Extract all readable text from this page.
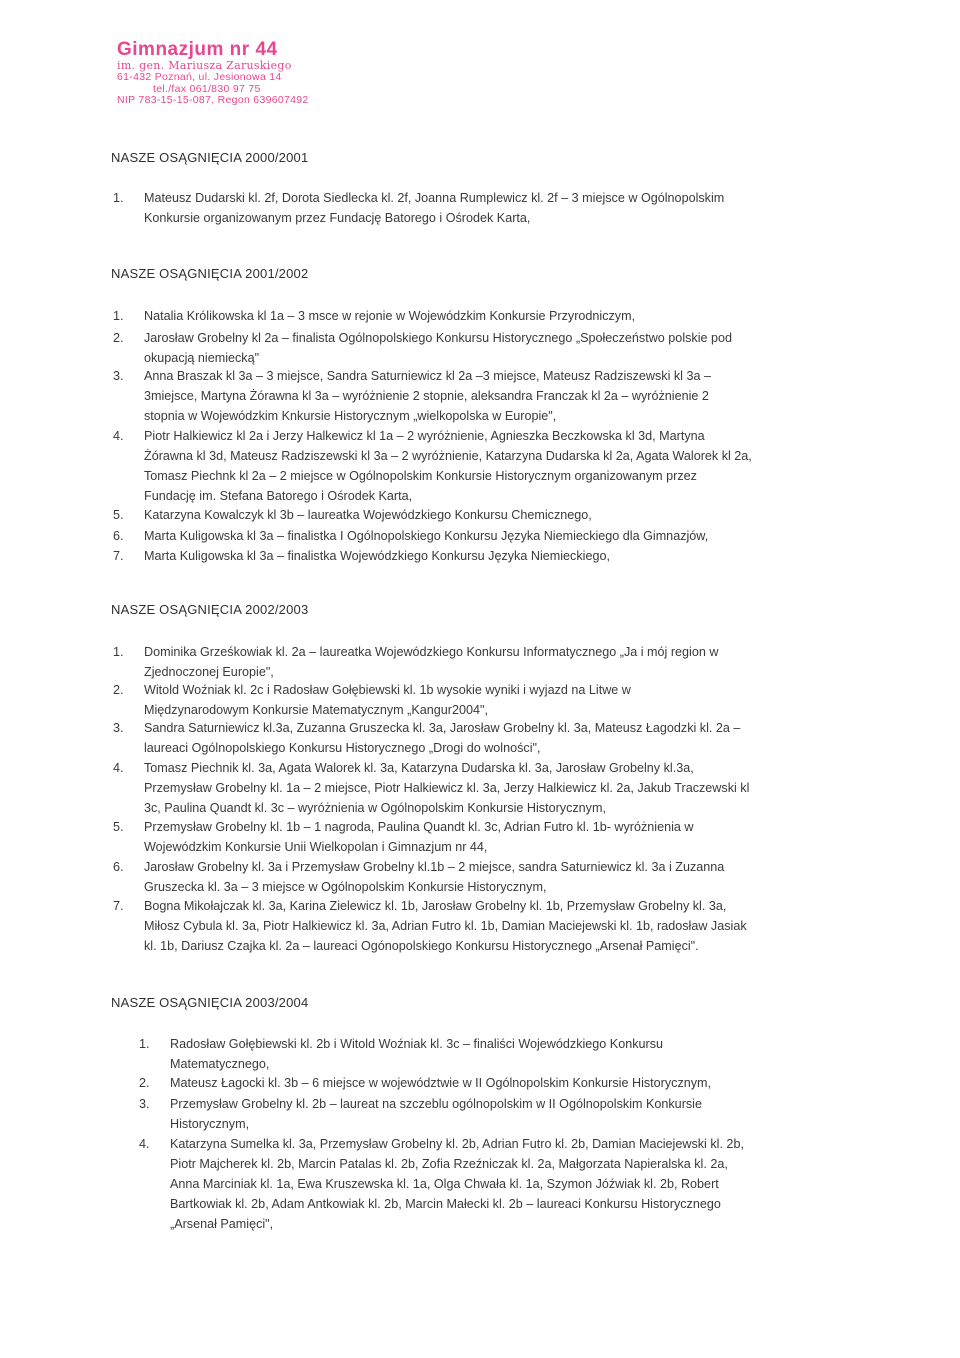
Gimnazjum nr 44
im. gen. Mariusza Zaruskiego
61-432 Poznań, ul. Jesionowa 14
tel./fax 061/830 97 75
NIP 783-15-15-087, Regon 639607492
NASZE OSĄGNIĘCIA 2000/2001
1. Mateusz Dudarski kl. 2f, Dorota Siedlecka kl. 2f, Joanna Rumplewicz kl. 2f – 3 miejsce w Ogólnopolskim
Konkursie organizowanym przez Fundację Batorego i Ośrodek Karta,
NASZE OSĄGNIĘCIA 2001/2002
1. Natalia Królikowska kl 1a – 3 msce w rejonie w Wojewódzkim Konkursie Przyrodniczym,
2. Jarosław Grobelny kl 2a – finalista Ogólnopolskiego Konkursu Historycznego „Społeczeństwo polskie pod
okupacją niemiecką"
3. Anna Braszak kl 3a – 3 miejsce, Sandra Saturniewicz kl 2a –3 miejsce, Mateusz Radziszewski kl 3a –
3miejsce, Martyna Żórawna kl 3a – wyróżnienie 2 stopnie, aleksandra Franczak kl 2a – wyróżnienie 2
stopnia w Wojewódzkim Knkursie Historycznym „wielkopolska w Europie",
4. Piotr Halkiewicz kl 2a i Jerzy Halkewicz kl 1a – 2 wyróżnienie, Agnieszka Beczkowska kl 3d, Martyna
Żórawna kl 3d, Mateusz Radziszewski kl 3a – 2 wyróżnienie, Katarzyna Dudarska kl 2a, Agata Walorek kl 2a,
Tomasz Piechnk kl 2a – 2 miejsce w Ogólnopolskim Konkursie Historycznym organizowanym przez
Fundację im. Stefana Batorego i Ośrodek Karta,
5. Katarzyna Kowalczyk kl 3b – laureatka Wojewódzkiego Konkursu Chemicznego,
6. Marta Kuligowska kl 3a – finalistka I Ogólnopolskiego Konkursu Języka Niemieckiego dla Gimnazjów,
7. Marta Kuligowska kl 3a – finalistka Wojewódzkiego Konkursu Języka Niemieckiego,
NASZE OSĄGNIĘCIA 2002/2003
1. Dominika Grześkowiak kl. 2a – laureatka Wojewódzkiego Konkursu Informatycznego „Ja i mój region w
Zjednoczonej Europie",
2. Witold Woźniak kl. 2c i Radosław Gołębiewski kl. 1b wysokie wyniki i wyjazd na Litwe w
Międzynarodowym Konkursie Matematycznym „Kangur2004",
3. Sandra Saturniewicz kl.3a, Zuzanna Gruszecka kl. 3a, Jarosław Grobelny kl. 3a, Mateusz Łagodzki kl. 2a –
laureaci Ogólnopolskiego Konkursu Historycznego „Drogi do wolności",
4. Tomasz Piechnik kl. 3a, Agata Walorek kl. 3a, Katarzyna Dudarska kl. 3a, Jarosław Grobelny kl.3a,
Przemysław Grobelny kl. 1a – 2 miejsce, Piotr Halkiewicz kl. 3a, Jerzy Halkiewicz kl. 2a, Jakub Traczewski kl
3c, Paulina Quandt kl. 3c – wyróżnienia w Ogólnopolskim Konkursie Historycznym,
5. Przemysław Grobelny kl. 1b – 1 nagroda, Paulina Quandt kl. 3c, Adrian Futro kl. 1b- wyróżnienia w
Wojewódzkim Konkursie Unii Wielkopolan i Gimnazjum nr 44,
6. Jarosław Grobelny kl. 3a i Przemysław Grobelny kl.1b – 2 miejsce, sandra Saturniewicz kl. 3a i Zuzanna
Gruszecka kl. 3a – 3 miejsce w Ogólnopolskim Konkursie Historycznym,
7. Bogna Mikołajczak kl. 3a, Karina Zielewicz kl. 1b, Jarosław Grobelny kl. 1b, Przemysław Grobelny kl. 3a,
Miłosz Cybula kl. 3a, Piotr Halkiewicz kl. 3a, Adrian Futro kl. 1b, Damian Maciejewski kl. 1b, radosław Jasiak
kl. 1b, Dariusz Czajka kl. 2a – laureaci Ogónopolskiego Konkursu Historycznego „Arsenał Pamięci".
NASZE OSĄGNIĘCIA 2003/2004
1. Radosław Gołębiewski kl. 2b i Witold Woźniak kl. 3c – finaliści Wojewódzkiego Konkursu
Matematycznego,
2. Mateusz Łagocki kl. 3b – 6 miejsce w województwie w II Ogólnopolskim Konkursie Historycznym,
3. Przemysław Grobelny kl. 2b – laureat na szczeblu ogólnopolskim w II Ogólnopolskim Konkursie
Historycznym,
4. Katarzyna Sumelka kl. 3a, Przemysław Grobelny kl. 2b, Adrian Futro kl. 2b, Damian Maciejewski kl. 2b,
Piotr Majcherek kl. 2b, Marcin Patalas kl. 2b, Zofia Rzeźniczak kl. 2a, Małgorzata Napieralska kl. 2a,
Anna Marciniak kl. 1a, Ewa Kruszewska kl. 1a, Olga Chwała kl. 1a, Szymon Jóźwiak kl. 2b, Robert
Bartkowiak kl. 2b, Adam Antkowiak kl. 2b, Marcin Małecki kl. 2b – laureaci Konkursu Historycznego
„Arsenał Pamięci",
